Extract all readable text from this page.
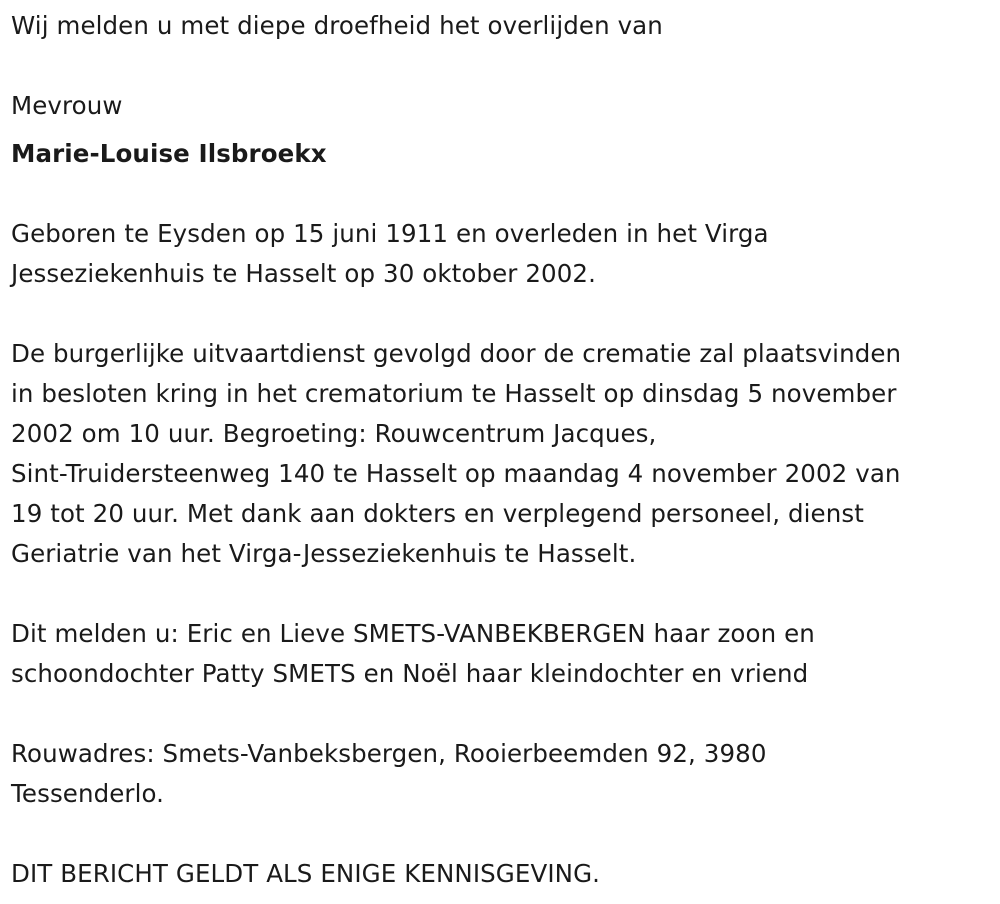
Wij melden u met diepe droefheid het overlijden van
Mevrouw
Marie-Louise Ilsbroekx
Geboren te Eysden op 15 juni 1911 en overleden in het Virga
Jesseziekenhuis te Hasselt op 30 oktober 2002.
De burgerlijke uitvaartdienst gevolgd door de crematie zal plaatsvinden
in besloten kring in het crematorium te Hasselt op dinsdag 5 november
2002 om 10 uur. Begroeting: Rouwcentrum Jacques,
Sint-Truidersteenweg 140 te Hasselt op maandag 4 november 2002 van
19 tot 20 uur. Met dank aan dokters en verplegend personeel, dienst
Geriatrie van het Virga-Jesseziekenhuis te Hasselt.
Dit melden u: Eric en Lieve SMETS-VANBEKBERGEN haar zoon en
schoondochter Patty SMETS en Noël haar kleindochter en vriend
Rouwadres: Smets-Vanbeksbergen, Rooierbeemden 92, 3980
Tessenderlo.
DIT BERICHT GELDT ALS ENIGE KENNISGEVING.
